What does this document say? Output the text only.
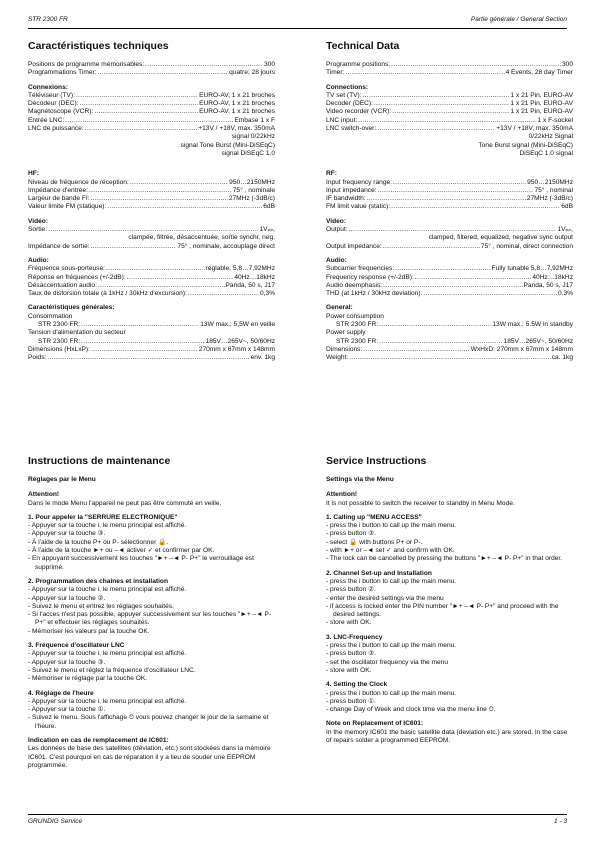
STR 2300 FR	Partie générale / General Section
Caractéristiques techniques
Positions de programme mémorisables: .....	300
Programmations Timer: .....	quatre; 28 jours
Connexions:
Téléviseur (TV): .....	EURO-AV, 1 x 21 broches
Décodeur (DEC): .....	EURO-AV, 1 x 21 broches
Magnétoscope (VCR): .....	EURO-AV, 1 x 21 broches
Entrée LNC: .....	Embase 1 x F
LNC de puissance: .....	+13V / +18V, max. 350mA
signal 0/22kHz
signal Tone Burst (Mini-DiSEqC)
signal DiSEqC 1.0
HF:
Niveau de fréquence de réception: .....	950…2150MHz
Impédance d'entrée: .....	75° , nominale
Largeur de bande FI: .....	27MHz (-3dB/c)
Valeur limite FM (statique): .....	6dB
Vidéo:
Sortie: .....	1Vₚₚ,
clampée, filtrée, désaccentuée, sortie synchr. neg.
Impédance de sortie: .....	75° , nominale, accouplage direct
Audio:
Fréquence sous-porteuse: .....	réglable, 5,8…7,92MHz
Réponse en fréquences (+/-2dB): .....	40Hz…18kHz
Désaccentuation audio: .....	Panda, 50 s, J17
Taux de distorsion totale (à 1kHz / 30kHz d'excursion): .....	0,3%
Caractéristiques générales:
Consommation
STR 2300 FR: .....	13W max.; 5,5W en veille
Tension d'alimentation du secteur
STR 2300 FR: .....	185V…265V~, 50/60Hz
Dimensions (HxLxP): .....	270mm x 67mm x 148mm
Poids: .....	env. 1kg
Technical Data
Programme positions: .....	300
Timer: .....	4 Events, 28 day Timer
Connections:
TV set (TV): .....	1 x 21 Pin, EURO-AV
Decoder (DEC): .....	1 x 21 Pin, EURO-AV
Video recorder (VCR): .....	1 x 21 Pin, EURO-AV
LNC input: .....	1 x F-sockel
LNC switch-over: .....	+13V / +18V, max. 350mA
0/22kHz Signal
Tone Burst signal (Mini-DiSEqC)
DiSEqC 1.0 signal
RF:
Input frequency range: .....	950…2150MHz
Input impedance: .....	75° , nominal
IF bandwidth: .....	27MHz (-3dB/c)
FM limit value (static): .....	6dB
Video:
Output: .....	1Vₚₚ,
clamped, filtered, equalized, negative sync output
Output impedance: .....	75° , nominal, direct connection
Audio:
Subcarrier frequencies: .....	Fully tunable 5,8…7,92MHz
Frequency response (+/-2dB): .....	40Hz…18kHz
Audio deemphasis: .....	Panda, 50 s, J17
THD (at 1kHz / 30kHz deviation): .....	0.3%
General:
Power consumption
STR 2300 FR: .....	13W max.; 5.5W in standby
Power supply
STR 2300 FR: .....	185V…265V~, 50/60Hz
Dimensions: .....	WxHxD: 270mm x 67mm x 148mm
Weight: .....	ca. 1kg
Instructions de maintenance
Réglages par le Menu
Attention!
Dans le mode Menu l'appareil ne peut pas être commuté en veille.
1. Pour appeler la "SERRURE ELECTRONIQUE"
- Appuyer sur la touche i, le menu principal est affiché.
- Appuyer sur la touche ③.
- À l'aide de la touche P+ ou P- sélectionner 🔒.
- À l'aide de la touche ►+ ou –◄ activer ✓ et confirmer par OK.
- En appuyant successivement les touches "►+ –◄ P- P+" le verrouillage est supprimé.
2. Programmation des chaînes et installation
- Appuyer sur la touche i, le menu principal est affiché.
- Appuyer sur la touche ②.
- Suivez le menu et entrez les réglages souhaités.
- Si l'acces n'est pas possible, appuyer successivement sur les touches "►+ –◄ P- P+" et effectuer les réglages souhaités.
- Mémoriser les valeurs par la touche OK.
3. Fréquence d'oscillateur LNC
- Appuyer sur la touche i, le menu principal est affiché.
- Appuyer sur la touche ③.
- Suivez le menu et réglez la fréquence d'oscillateur LNC.
- Mémoriser le réglage par la touche OK.
4. Réglage de l'heure
- Appuyer sur la touche i, le menu principal est affiché.
- Appuyer sur la touche ①.
- Suivez le menu. Sous l'affichage ⏲ vous pouvez changer le jour de la semaine et l'heure.
Indication en cas de remplacement de IC601:
Les données de base des satellites (déviation, etc.) sont stockées dans la mémoire IC601. C'est pourquoi en cas de réparation il y a lieu de souder une EEPROM programmée.
Service Instructions
Settings via the Menu
Attention!
It is not possible to switch the receiver to standby in Menu Mode.
1. Calling up "MENU ACCESS"
- press the i button to call up the main menu.
- press button ③.
- select 🔒 with buttons P+ or P-.
- with ►+ or –◄ set ✓ and confirm with OK.
- The lock can be cancelled by pressing the buttons "►+ –◄ P- P+" in that order.
2. Channel Set-up and Installation
- press the i button to call up the main menu.
- press button ②.
- enter the desired settings via the menu
- if access is locked enter the PIN number "►+ –◄ P- P+" and proceed with the desired settings.
- store with OK.
3. LNC-Frequency
- press the i button to call up the main menu.
- press button ③.
- set the oscillator frequency via the menu
- store with OK.
4. Setting the Clock
- press the i button to call up the main menu.
- press button ①.
- change Day of Week and clock time via the menu line ⏲.
Note on Replacement of IC601:
In the memory IC601 the basic satellite data (deviation etc.) are stored. In the case of repairs solder a programmed EEPROM.
GRUNDIG Service	1 - 3
